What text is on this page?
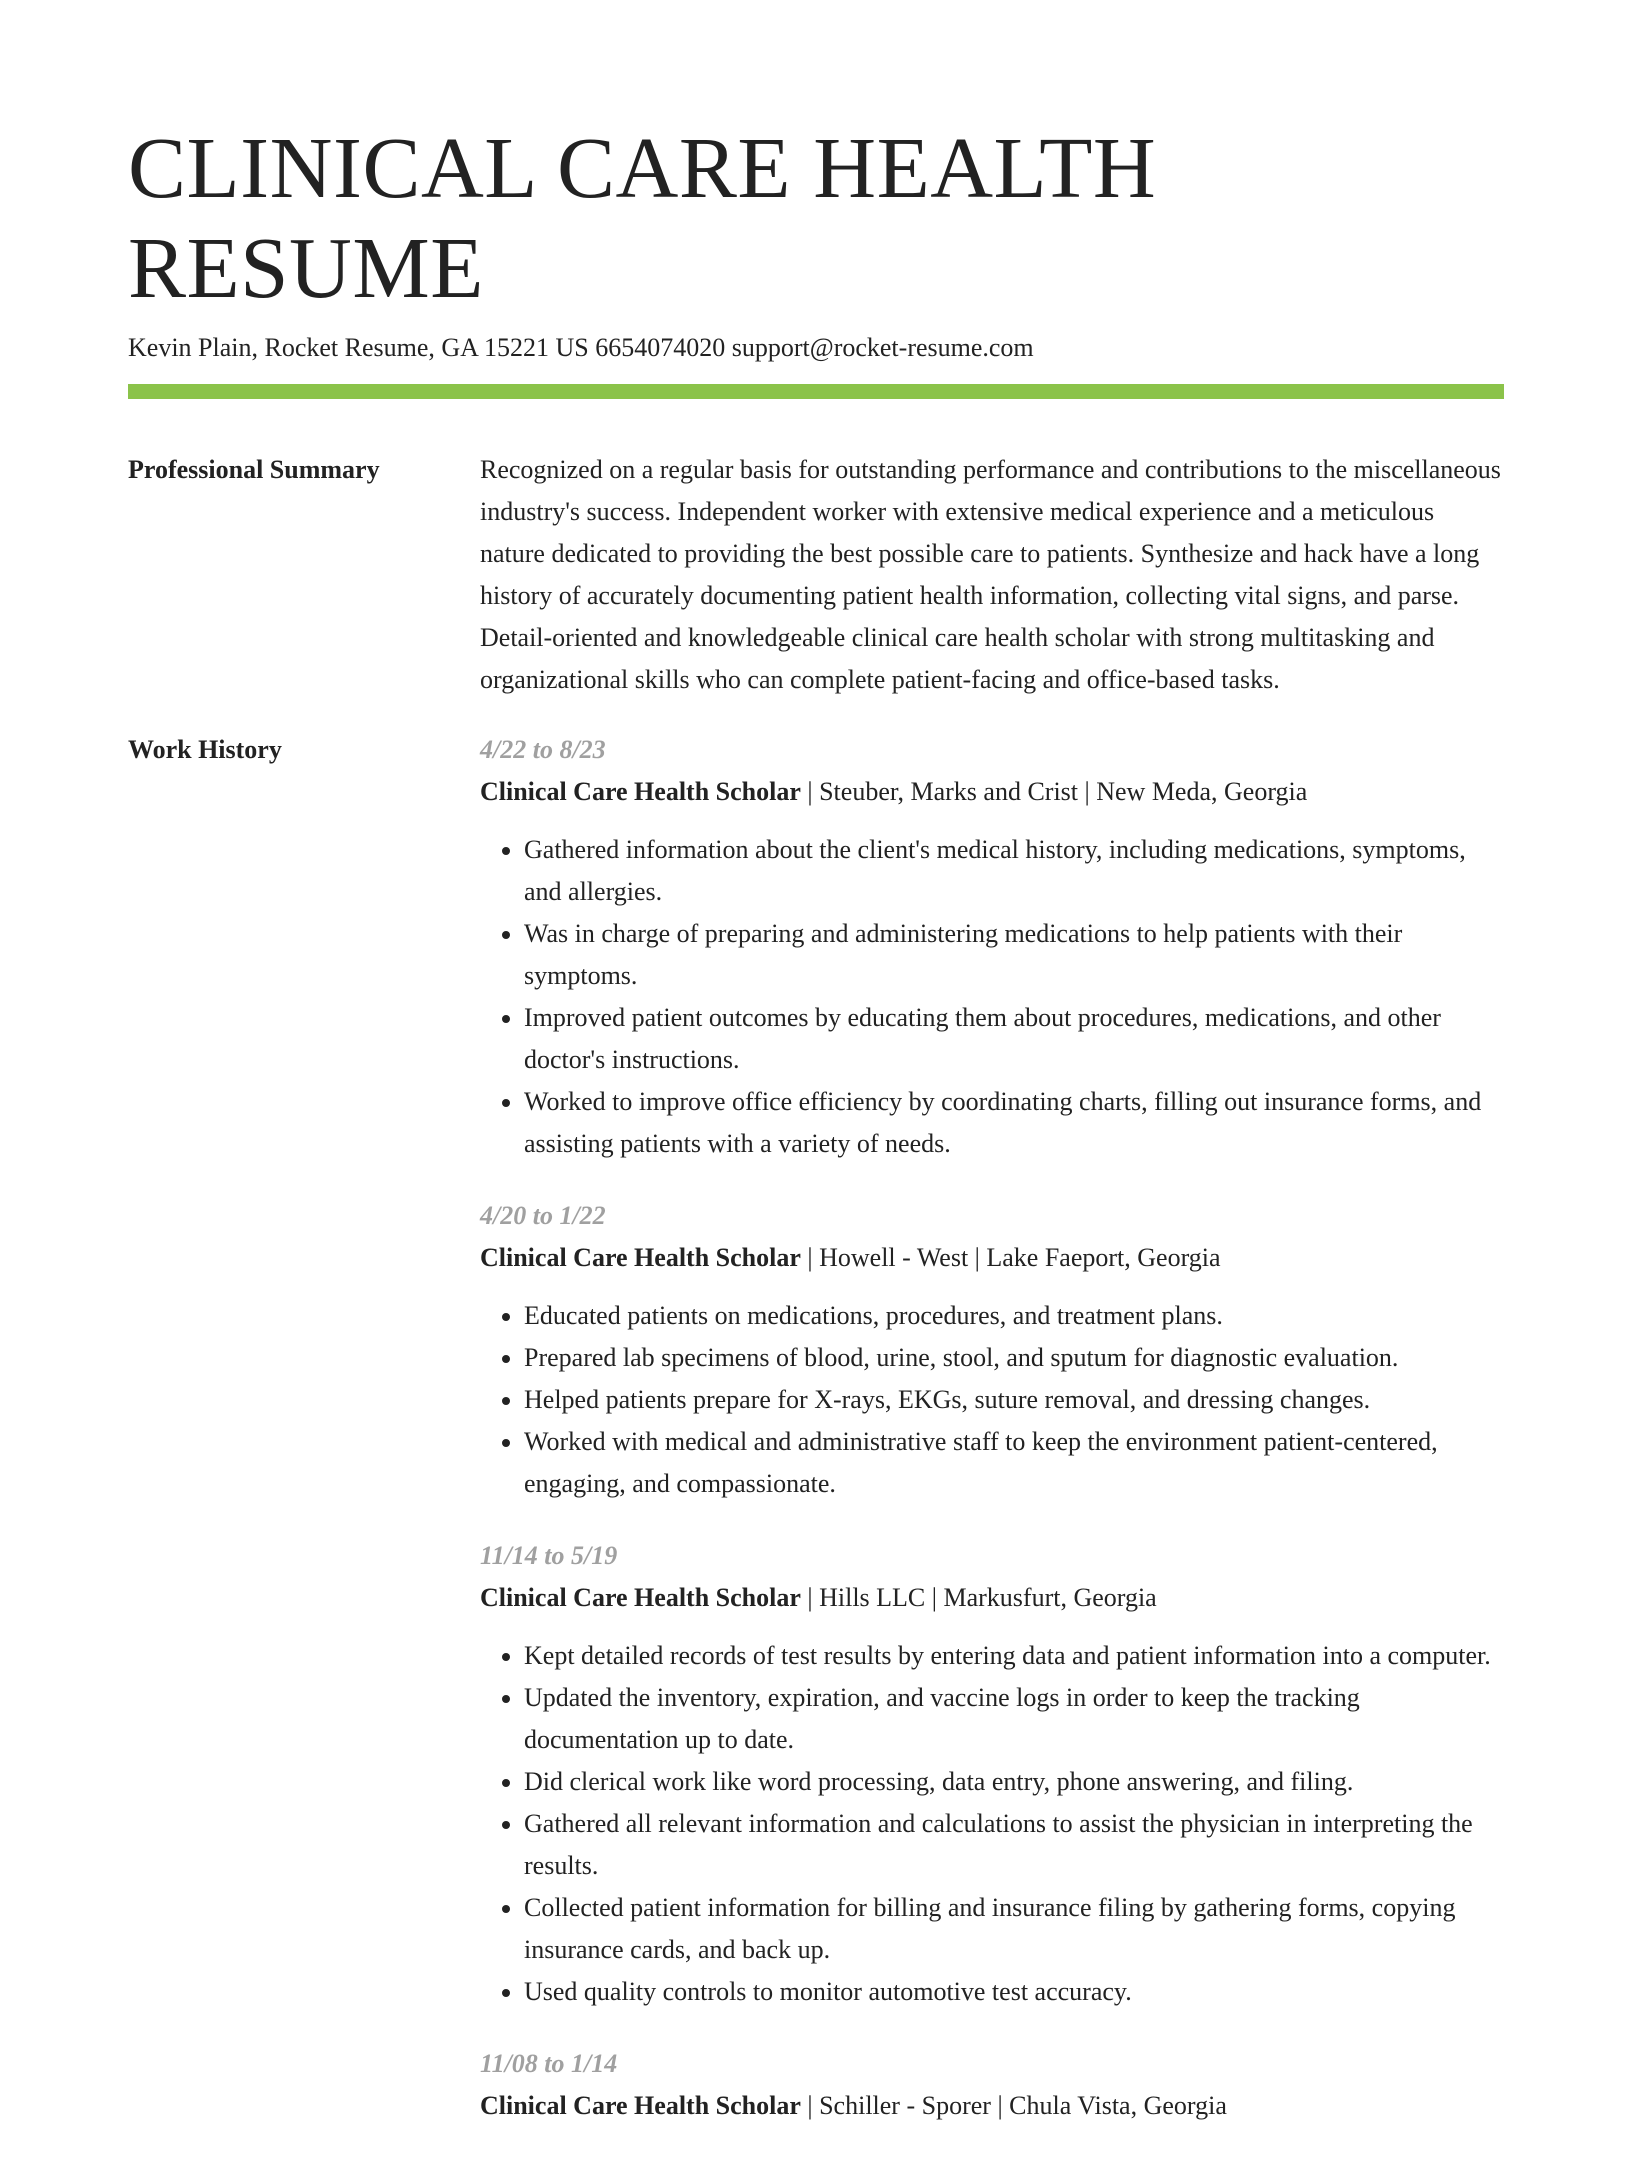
CLINICAL CARE HEALTH RESUME
Kevin Plain, Rocket Resume, GA 15221 US 6654074020 support@rocket-resume.com
Professional Summary	Recognized on a regular basis for outstanding performance and contributions to the miscellaneous industry's success. Independent worker with extensive medical experience and a meticulous nature dedicated to providing the best possible care to patients. Synthesize and hack have a long history of accurately documenting patient health information, collecting vital signs, and parse. Detail-oriented and knowledgeable clinical care health scholar with strong multitasking and organizational skills who can complete patient-facing and office-based tasks.

Work History	4/22 to 8/23
Clinical Care Health Scholar | Steuber, Marks and Crist | New Meda, Georgia
• Gathered information about the client's medical history, including medications, symptoms, and allergies.
• Was in charge of preparing and administering medications to help patients with their symptoms.
• Improved patient outcomes by educating them about procedures, medications, and other doctor's instructions.
• Worked to improve office efficiency by coordinating charts, filling out insurance forms, and assisting patients with a variety of needs.
4/20 to 1/22
Clinical Care Health Scholar | Howell - West | Lake Faeport, Georgia
• Educated patients on medications, procedures, and treatment plans.
• Prepared lab specimens of blood, urine, stool, and sputum for diagnostic evaluation.
• Helped patients prepare for X-rays, EKGs, suture removal, and dressing changes.
• Worked with medical and administrative staff to keep the environment patient-centered, engaging, and compassionate.
11/14 to 5/19
Clinical Care Health Scholar | Hills LLC | Markusfurt, Georgia
• Kept detailed records of test results by entering data and patient information into a computer.
• Updated the inventory, expiration, and vaccine logs in order to keep the tracking documentation up to date.
• Did clerical work like word processing, data entry, phone answering, and filing.
• Gathered all relevant information and calculations to assist the physician in interpreting the results.
• Collected patient information for billing and insurance filing by gathering forms, copying insurance cards, and back up.
• Used quality controls to monitor automotive test accuracy.
11/08 to 1/14
Clinical Care Health Scholar | Schiller - Sporer | Chula Vista, Georgia
